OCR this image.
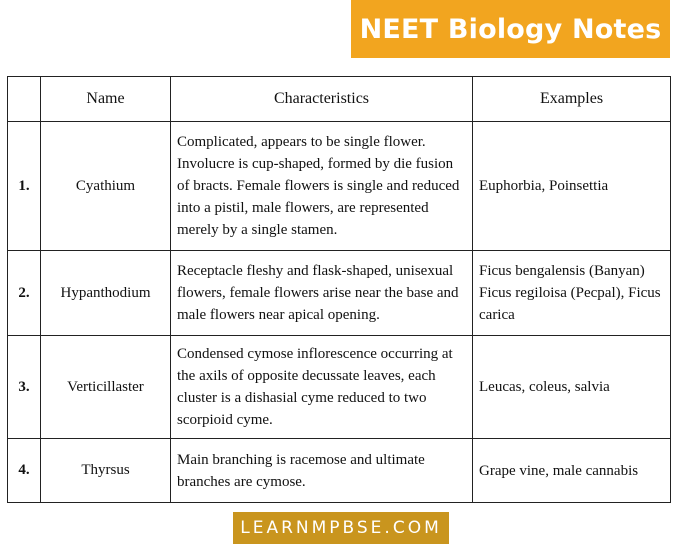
NEET Biology Notes
	Name	Characteristics	Examples
1.	Cyathium	Complicated, appears to be single flower. Involucre is cup-shaped, formed by die fusion of bracts. Female flowers is single and reduced into a pistil, male flowers, are represented merely by a single stamen.	Euphorbia, Poinsettia
2.	Hypanthodium	Receptacle fleshy and flask-shaped, unisexual flowers, female flowers arise near the base and male flowers near apical opening.	Ficus bengalensis (Banyan) Ficus regiloisa (Pecpal), Ficus carica
3.	Verticillaster	Condensed cymose inflorescence occurring at the axils of opposite decussate leaves, each cluster is a dishasial cyme reduced to two scorpioid cyme.	Leucas, coleus, salvia
4.	Thyrsus	Main branching is racemose and ultimate branches are cymose.	Grape vine, male cannabis
LEARNMPBSE.COM
